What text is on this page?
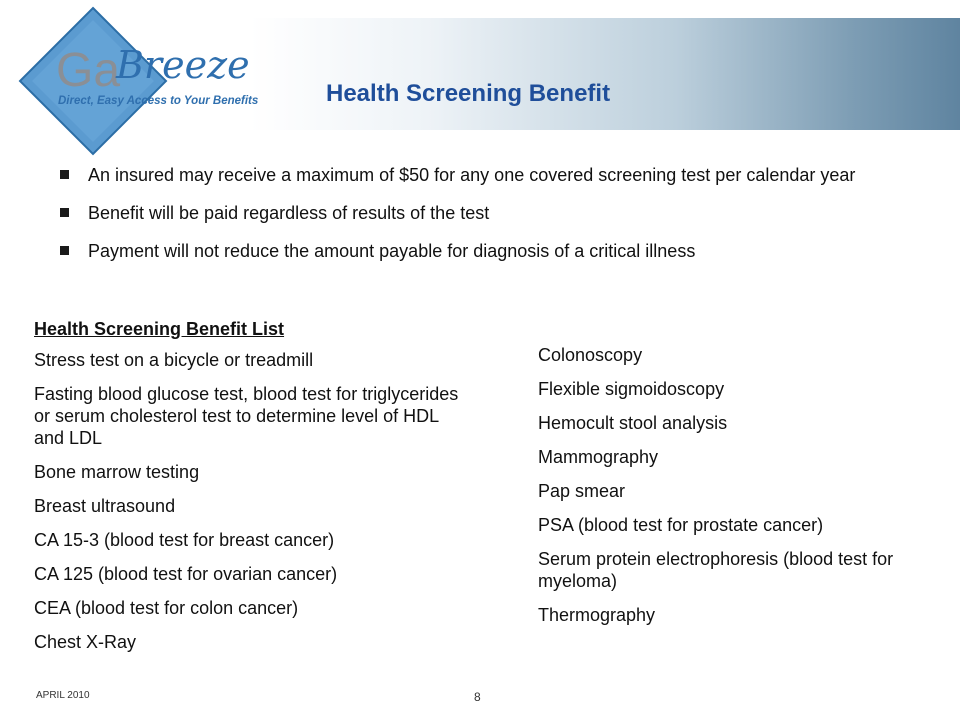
Ga
Breeze
Direct, Easy Access to Your Benefits	Health Screening Benefit
An insured may receive a maximum of $50 for any one covered screening test per calendar year
Benefit will be paid regardless of results of the test
Payment will not reduce the amount payable for diagnosis of a critical illness
Health Screening Benefit List
Stress test on a bicycle or treadmill
Fasting blood glucose test, blood test for triglycerides or serum cholesterol test to determine level of HDL and LDL
Bone marrow testing
Breast ultrasound
CA 15-3 (blood test for breast cancer)
CA 125 (blood test for ovarian cancer)
CEA (blood test for colon cancer)
Chest X-Ray
Colonoscopy
Flexible sigmoidoscopy
Hemocult stool analysis
Mammography
Pap smear
PSA (blood test for prostate cancer)
Serum protein electrophoresis (blood test for myeloma)
Thermography
APRIL 2010	8
